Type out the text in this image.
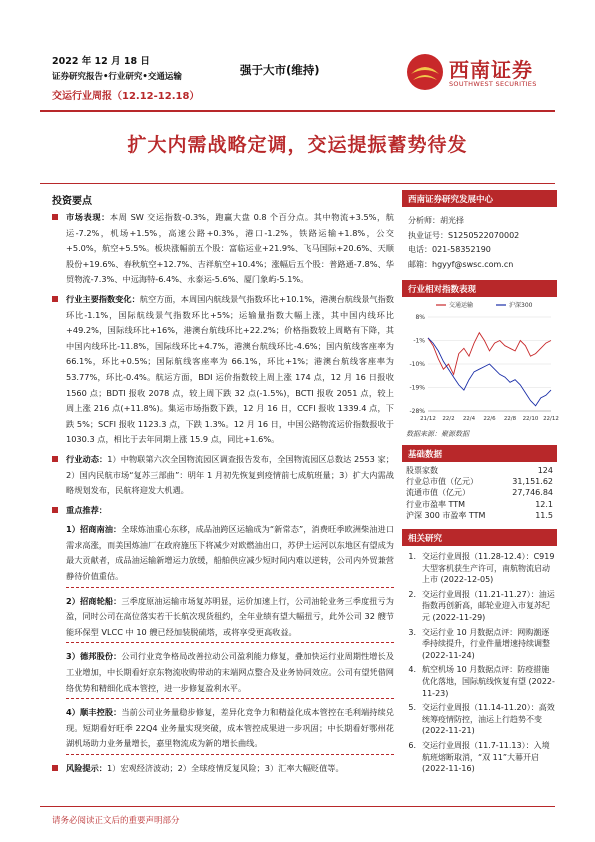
2022 年 12 月 18 日
证券研究报告•行业研究•交通运输
交运行业周报（12.12-12.18）
强于大市(维持)	西南证券
SOUTHWEST SECURITIES
扩大内需战略定调，交运提振蓄势待发
投资要点
市场表现：本周 SW 交运指数-0.3%，跑赢大盘 0.8 个百分点。其中物流+3.5%，航运-7.2%，机场+1.5%，高速公路+0.3%，港口-1.2%，铁路运输+1.8%，公交+5.0%，航空+5.5%。板块涨幅前五个股：富临运业+21.9%、飞马国际+20.6%、天顺股份+19.6%、春秋航空+12.7%、吉祥航空+10.4%；涨幅后五个股：普路通-7.8%、华贸物流-7.3%、中远海特-6.4%、永泰运-5.6%、厦门象屿-5.1%。
行业主要指数变化：航空方面，本周国内航线景气指数环比+10.1%，港澳台航线景气指数环比-1.1%，国际航线景气指数环比+5%；运输量指数大幅上涨，其中国内线环比+49.2%，国际线环比+16%，港澳台航线环比+22.2%；价格指数较上周略有下降，其中国内线环比-11.8%，国际线环比+4.7%，港澳台航线环比-4.6%；国内航线客座率为 66.1%，环比+0.5%；国际航线客座率为 66.1%，环比+1%；港澳台航线客座率为 53.77%，环比-0.4%。航运方面，BDI 运价指数较上周上涨 174 点，12 月 16 日报收 1560 点；BDTI 报收 2078 点，较上周下跌 32 点(-1.5%)，BCTI 报收 2051 点，较上周上涨 216 点(+11.8%)。集运市场指数下跌，12 月 16 日，CCFI 报收 1339.4 点，下跌 5%；SCFI 报收 1123.3 点，下跌 1.3%。12 月 16 日，中国公路物流运价指数报收于 1030.3 点，相比于去年同期上涨 15.9 点，同比+1.6%。
行业动态：1）中物联第六次全国物流园区调查报告发布，全国物流园区总数达 2553 家；2）国内民航市场“复苏三部曲”：明年 1 月初先恢复到疫情前七成航班量；3）扩大内需战略规划发布，民航将迎发大机遇。
重点推荐：
1）招商南油：全球炼油重心东移，成品油跨区运输成为“新常态”，消费旺季欧洲柴油进口需求高涨，而美国炼油厂在政府施压下将减少对欧燃油出口，苏伊士运河以东地区有望成为最大贡献者，成品油运输新增运力放缓，船舶供应减少短时间内难以逆转，公司内外贸兼营静待价值重估。
2）招商轮船：三季度原油运输市场复苏明显，运价加速上行，公司油轮业务三季度扭亏为盈，同时公司在高位落实若干长航次现货租约，全年业绩有望大幅扭亏，此外公司 32 艘节能环保型 VLCC 中 10 艘已经加装脱硫塔，或将享受更高收益。
3）德邦股份：公司行业竞争格局改善拉动公司盈利能力修复，叠加快运行业周期性增长及工业增加，中长期看好京东物流收购带动的末端网点整合及业务协同效应。公司有望凭借网络优势和精细化成本管控，进一步修复盈利水平。
4）顺丰控股：当前公司业务量稳步修复，差异化竞争力和精益化成本管控在毛利端持续兑现。短期看好旺季 22Q4 业务量实现突破，成本管控成果进一步巩固；中长期看好鄂州花湖机场助力业务量增长，嘉里物流成为新的增长曲线。
风险提示：1）宏观经济波动；2）全球疫情反复风险；3）汇率大幅贬值等。
西南证券研究发展中心
分析师：胡光择
执业证号：S1250522070002
电话：021-58352190
邮箱：hgyyf@swsc.com.cn
行业相对指数表现
8%
-1%
-10%
-19%
-28%
21/12 22/2 22/4 22/6 22/8 22/10 22/12
交通运输	沪深300
数据来源：聚源数据
基础数据
股票家数	124
行业总市值（亿元）	31,151.62
流通市值（亿元）	27,746.84
行业市盈率 TTM	12.1
沪深 300 市盈率 TTM	11.5
相关研究
1. 交运行业周报（11.28-12.4）：C919 大型客机获生产许可，南航物流启动上市 (2022-12-05)
2. 交运行业周报（11.21-11.27）：油运指数再创新高，邮轮业迎入市复苏纪元 (2022-11-29)
3. 交运行业 10 月数据点评：网购潮逐季持续提升，行业件量增速持续调整 (2022-11-24)
4. 航空机场 10 月数据点评：防疫措施优化落地，国际航线恢复有望 (2022-11-23)
5. 交运行业周报（11.14-11.20）：高效统筹疫情防控，油运上行趋势不变 (2022-11-21)
6. 交运行业周报（11.7-11.13）：入境航班熔断取消，“双 11”大幕开启 (2022-11-16)
请务必阅读正文后的重要声明部分
